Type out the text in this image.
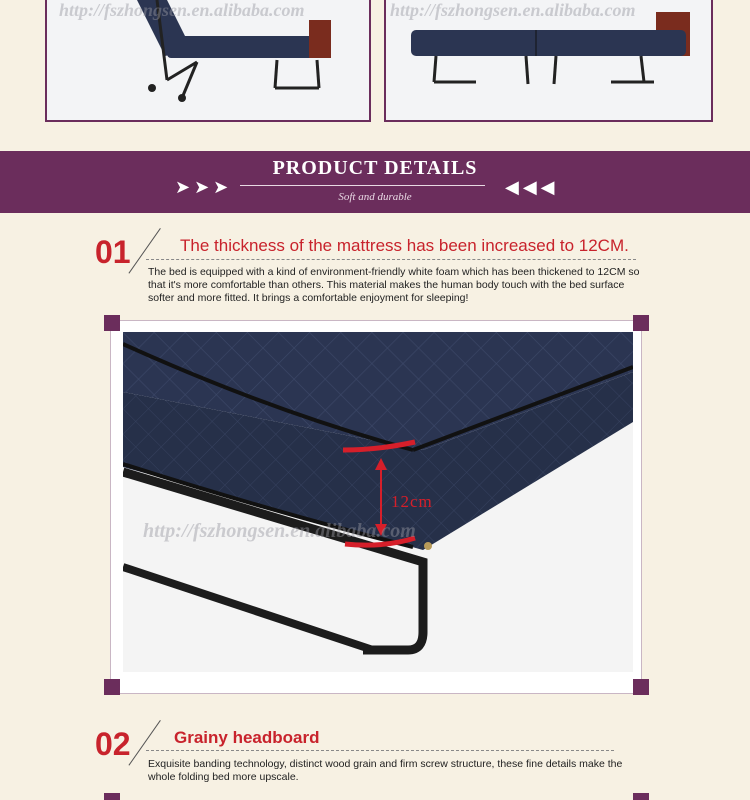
http://fszhongsen.en.alibaba.com	http://fszhongsen.en.alibaba.com
PRODUCT DETAILS
➤➤➤	◀◀◀
Soft and durable
01	The thickness of the mattress has been increased to 12CM.
The bed is equipped with a kind of environment-friendly white foam which has been thickened to 12CM so that it's more comfortable than others. This material makes the human body touch with the bed surface softer and more fitted. It brings a comfortable enjoyment for sleeping!
12cm
http://fszhongsen.en.alibaba.com
02	Grainy headboard
Exquisite banding technology, distinct wood grain and firm screw structure, these fine details make the whole folding bed more upscale.
